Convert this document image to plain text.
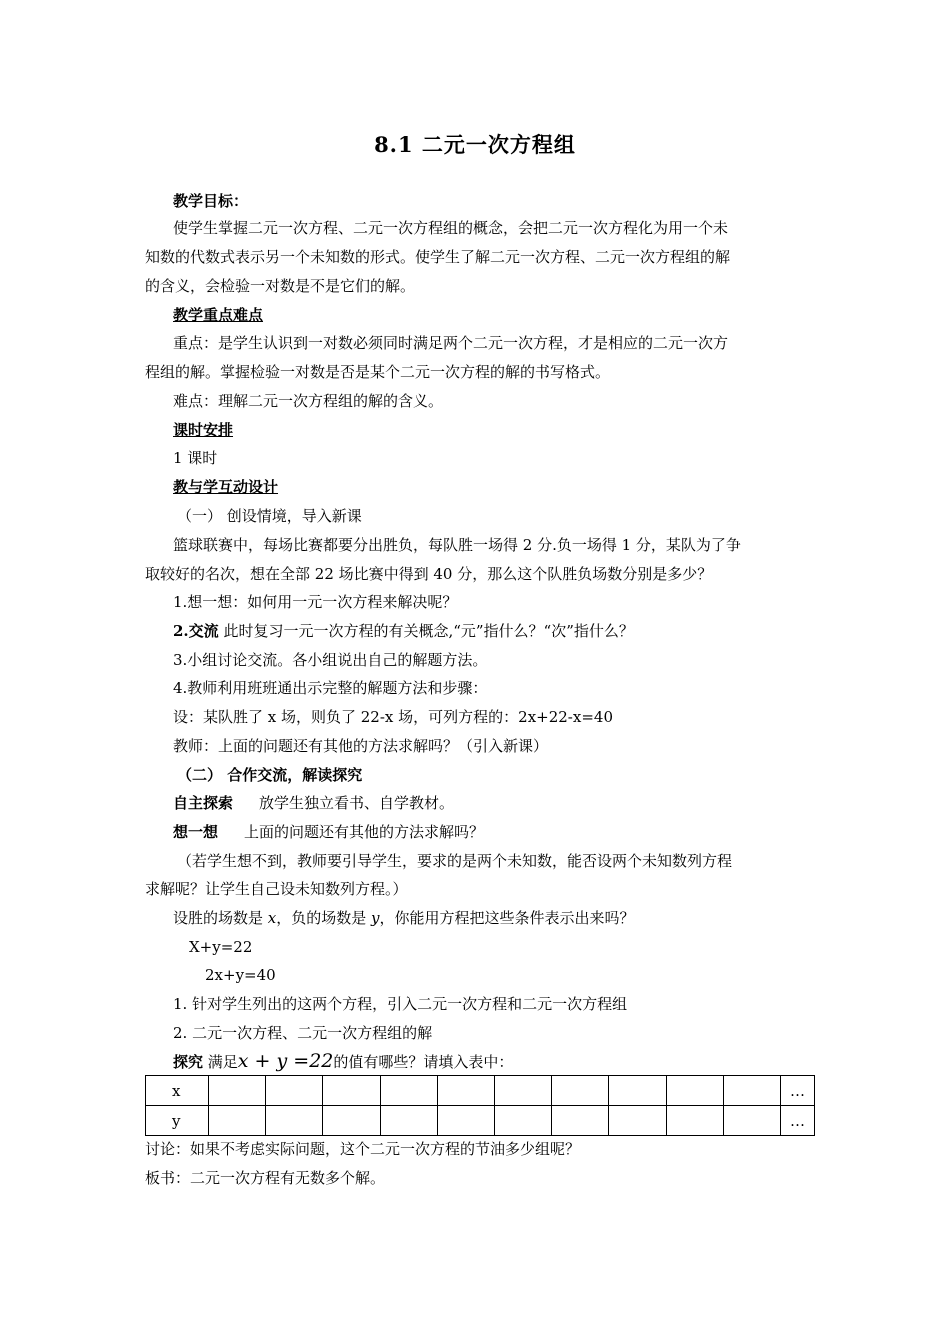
8.1 二元一次方程组
教学目标：
使学生掌握二元一次方程、二元一次方程组的概念，会把二元一次方程化为用一个未
知数的代数式表示另一个未知数的形式。使学生了解二元一次方程、二元一次方程组的解
的含义，会检验一对数是不是它们的解。
教学重点难点
重点：是学生认识到一对数必须同时满足两个二元一次方程，才是相应的二元一次方
程组的解。掌握检验一对数是否是某个二元一次方程的解的书写格式。
难点：理解二元一次方程组的解的含义。
课时安排
1 课时
教与学互动设计
（一） 创设情境，导入新课
篮球联赛中，每场比赛都要分出胜负，每队胜一场得 2 分.负一场得 1 分，某队为了争
取较好的名次，想在全部 22 场比赛中得到 40 分，那么这个队胜负场数分别是多少？
1.想一想：如何用一元一次方程来解决呢？
2.交流 此时复习一元一次方程的有关概念,“元”指什么？“次”指什么？
3.小组讨论交流。各小组说出自己的解题方法。
4.教师利用班班通出示完整的解题方法和步骤：
设：某队胜了 x 场，则负了 22-x 场，可列方程的：2x+22-x=40
教师：上面的问题还有其他的方法求解吗？（引入新课）
（二） 合作交流，解读探究
自主探索 放学生独立看书、自学教材。
想一想 上面的问题还有其他的方法求解吗？
（若学生想不到，教师要引导学生，要求的是两个未知数，能否设两个未知数列方程
求解呢？让学生自己设未知数列方程。）
设胜的场数是 x，负的场数是 y，你能用方程把这些条件表示出来吗？
X+y=22
2x+y=40
1. 针对学生列出的这两个方程，引入二元一次方程和二元一次方程组
2. 二元一次方程、二元一次方程组的解
探究 满足x + y =22的值有哪些？请填入表中：
x											…
y											…
讨论：如果不考虑实际问题，这个二元一次方程的节油多少组呢？
板书：二元一次方程有无数多个解。
